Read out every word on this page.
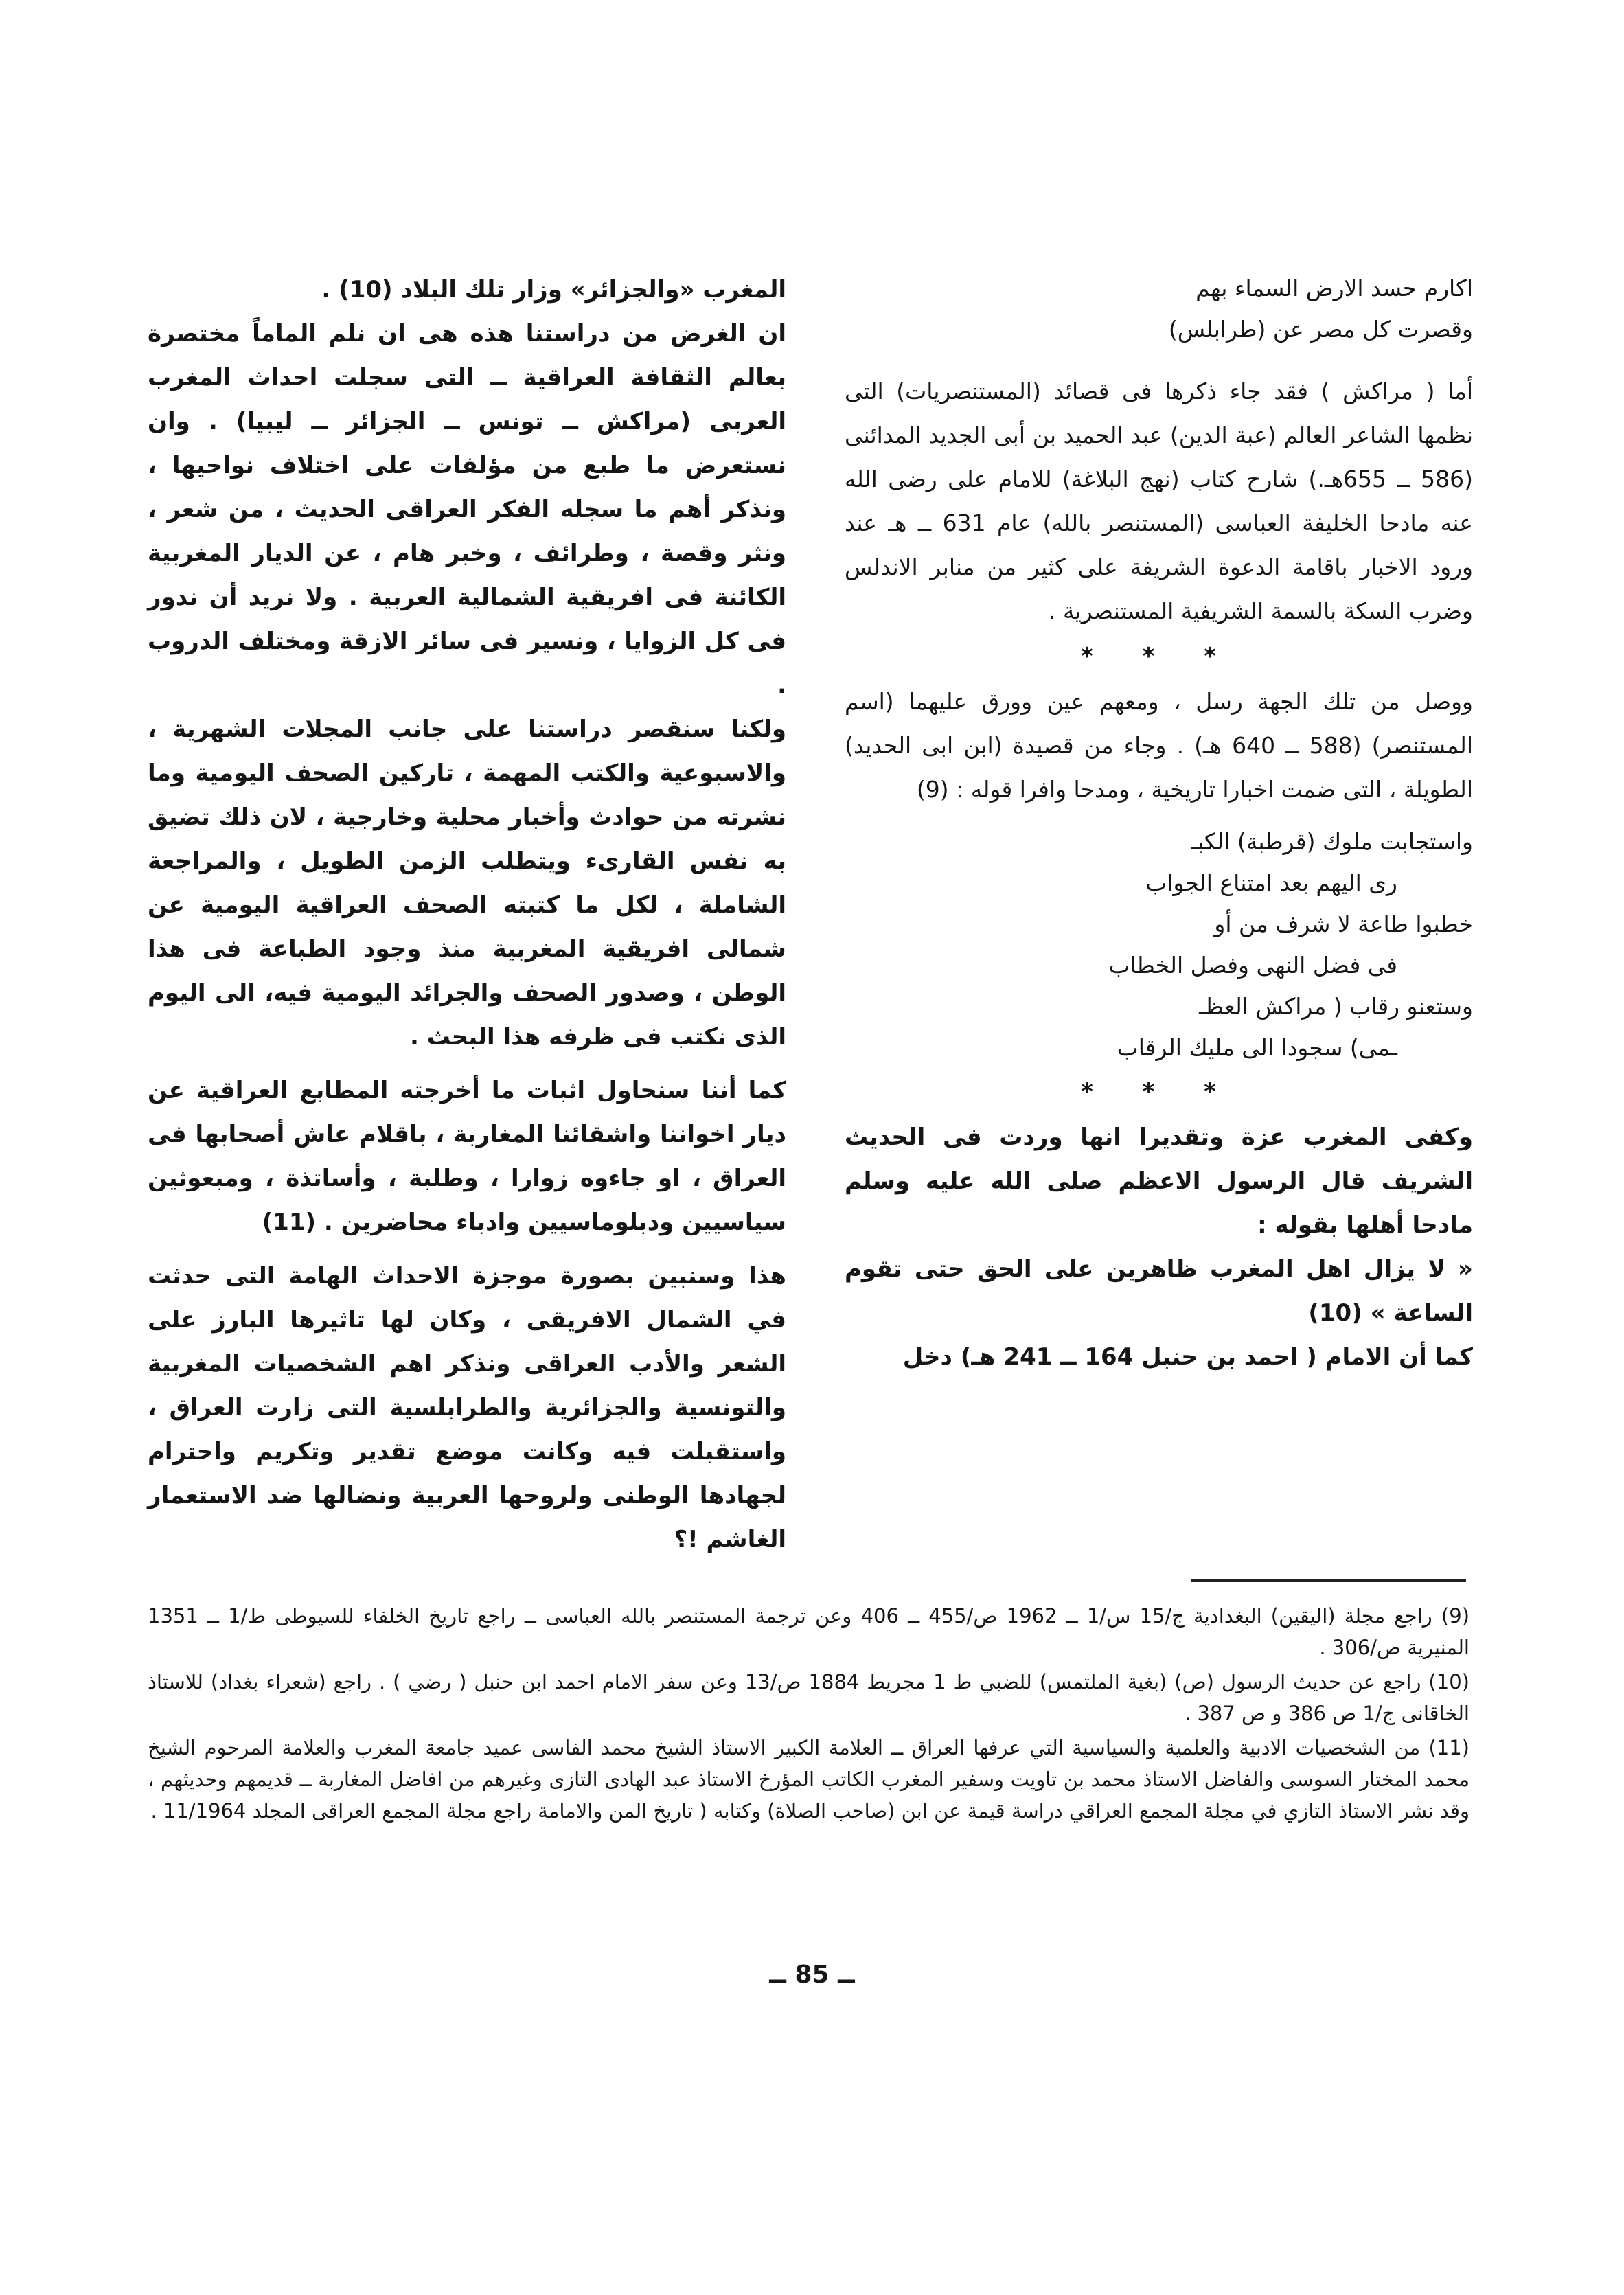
اكارم حسد الارض السماء بهم
وقصرت كل مصر عن (طرابلس)

أما ( مراكش ) فقد جاء ذكرها فى قصائد (المستنصريات) التى نظمها الشاعر العالم (عبة الدين) عبد الحميد بن أبى الجديد المدائنى (586 ــ 655هـ.) شارح كتاب (نهج البلاغة) للامام على رضى الله عنه مادحا الخليفة العباسى (المستنصر بالله) عام 631 ــ هـ عند ورود الاخبار باقامة الدعوة الشريفة على كثير من منابر الاندلس وضرب السكة بالسمة الشريفية المستنصرية .

* * *

ووصل من تلك الجهة رسل ، ومعهم عين وورق عليهما (اسم المستنصر) (588 ــ 640 هـ) . وجاء من قصيدة (ابن ابى الحديد) الطويلة ، التى ضمت اخبارا تاريخية ، ومدحا وافرا قوله : (9)

واستجابت ملوك (قرطبة) الكبـ
رى اليهم بعد امتناع الجواب
خطبوا طاعة لا شرف من أو
فى فضل النهى وفصل الخطاب
وستعنو رقاب ( مراكش العظـ
ـمى) سجودا الى مليك الرقاب
* * *

وكفى المغرب عزة وتقديرا انها وردت فى الحديث الشريف قال الرسول الاعظم صلى الله عليه وسلم مادحا أهلها بقوله :

« لا يزال اهل المغرب ظاهرين على الحق حتى تقوم الساعة » (10)

كما أن الامام ( احمد بن حنبل 164 ــ 241 هـ) دخل

المغرب «والجزائر» وزار تلك البلاد (10) .

ان الغرض من دراستنا هذه هى ان نلم الماماً مختصرة بعالم الثقافة العراقية ــ التى سجلت احداث المغرب العربى (مراكش ــ تونس ــ الجزائر ــ ليبيا) . وان نستعرض ما طبع من مؤلفات على اختلاف نواحيها ، ونذكر أهم ما سجله الفكر العراقى الحديث ، من شعر ، ونثر وقصة ، وطرائف ، وخبر هام ، عن الديار المغربية الكائنة فى افريقية الشمالية العربية . ولا نريد أن ندور فى كل الزوايا ، ونسير فى سائر الازقة ومختلف الدروب .

ولكنا سنقصر دراستنا على جانب المجلات الشهرية ، والاسبوعية والكتب المهمة ، تاركين الصحف اليومية وما نشرته من حوادث وأخبار محلية وخارجية ، لان ذلك تضيق به نفس القارىء ويتطلب الزمن الطويل ، والمراجعة الشاملة ، لكل ما كتبته الصحف العراقية اليومية عن شمالى افريقية المغربية منذ وجود الطباعة فى هذا الوطن ، وصدور الصحف والجرائد اليومية فيه، الى اليوم الذى نكتب فى ظرفه هذا البحث .

كما أننا سنحاول اثبات ما أخرجته المطابع العراقية عن ديار اخواننا واشقائنا المغاربة ، باقلام عاش أصحابها فى العراق ، او جاءوه زوارا ، وطلبة ، وأساتذة ، ومبعوثين سياسيين ودبلوماسيين وادباء محاضرين . (11)

هذا وسنبين بصورة موجزة الاحداث الهامة التى حدثت في الشمال الافريقى ، وكان لها تاثيرها البارز على الشعر والأدب العراقى ونذكر اهم الشخصيات المغربية والتونسية والجزائرية والطرابلسية التى زارت العراق ، واستقبلت فيه وكانت موضع تقدير وتكريم واحترام لجهادها الوطنى ولروحها العربية ونضالها ضد الاستعمار الغاشم !؟

(9) راجع مجلة (اليقين) البغدادية ج/15 س/1 ــ 1962 ص/455 ــ 406 وعن ترجمة المستنصر بالله العباسى ــ راجع تاريخ الخلفاء للسيوطى ط/1 ــ 1351 المنيرية ص/306 .

(10) راجع عن حديث الرسول (ص) (بغية الملتمس) للضبي ط 1 مجريط 1884 ص/13 وعن سفر الامام احمد ابن حنبل ( رضي ) . راجع (شعراء بغداد) للاستاذ الخاقانى ج/1 ص 386 و ص 387 .

(11) من الشخصيات الادبية والعلمية والسياسية التي عرفها العراق ــ العلامة الكبير الاستاذ الشيخ محمد الفاسى عميد جامعة المغرب والعلامة المرحوم الشيخ محمد المختار السوسى والفاضل الاستاذ محمد بن تاويت وسفير المغرب الكاتب المؤرخ الاستاذ عبد الهادى التازى وغيرهم من افاضل المغاربة ــ قديمهم وحديثهم ، وقد نشر الاستاذ التازي في مجلة المجمع العراقي دراسة قيمة عن ابن (صاحب الصلاة) وكتابه ( تاريخ المن والامامة راجع مجلة المجمع العراقى المجلد 11/1964 .

ــ 85 ــ
